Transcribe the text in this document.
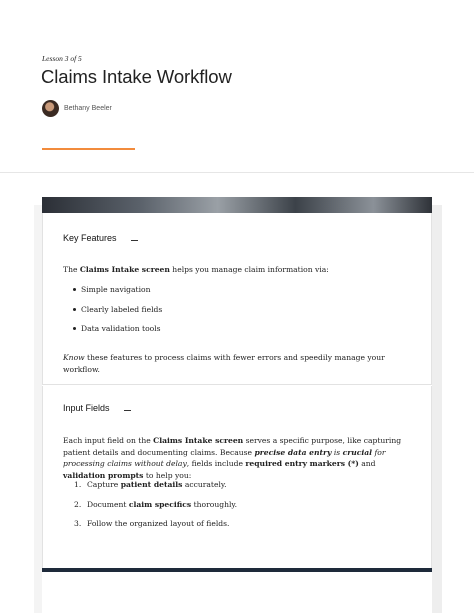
Lesson 3 of 5
Claims Intake Workflow
Bethany Beeler
Key Features

The Claims Intake screen helps you manage claim information via:

Simple navigation
Clearly labeled fields
Data validation tools

Know these features to process claims with fewer errors and speedily manage your workflow.

Input Fields

Each input field on the Claims Intake screen serves a specific purpose, like capturing patient details and documenting claims. Because precise data entry is crucial for processing claims without delay, fields include required entry markers (*) and validation prompts to help you:

1. Capture patient details accurately.
2. Document claim specifics thoroughly.
3. Follow the organized layout of fields.
